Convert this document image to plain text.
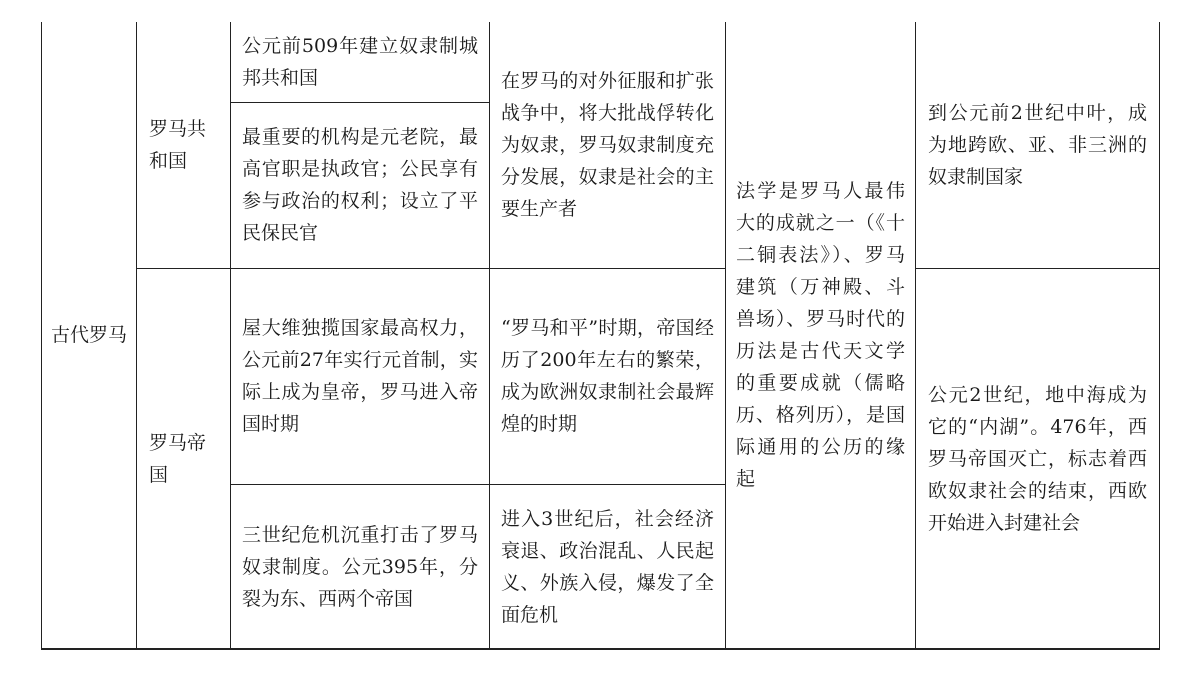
古代罗马	罗马共和国	公元前509年建立奴隶制城邦共和国	在罗马的对外征服和扩张战争中，将大批战俘转化为奴隶，罗马奴隶制度充分发展，奴隶是社会的主要生产者	法学是罗马人最伟大的成就之一（《十二铜表法》）、罗马建筑（万神殿、斗兽场）、罗马时代的历法是古代天文学的重要成就（儒略历、格列历），是国际通用的公历的缘起	到公元前2世纪中叶，成为地跨欧、亚、非三洲的奴隶制国家
		最重要的机构是元老院，最高官职是执政官；公民享有参与政治的权利；设立了平民保民官			
	罗马帝国	屋大维独揽国家最高权力，公元前27年实行元首制，实际上成为皇帝，罗马进入帝国时期	“罗马和平”时期，帝国经历了200年左右的繁荣，成为欧洲奴隶制社会最辉煌的时期		公元2世纪，地中海成为它的“内湖”。476年，西罗马帝国灭亡，标志着西欧奴隶社会的结束，西欧开始进入封建社会
		三世纪危机沉重打击了罗马奴隶制度。公元395年，分裂为东、西两个帝国	进入3世纪后，社会经济衰退、政治混乱、人民起义、外族入侵，爆发了全面危机		
